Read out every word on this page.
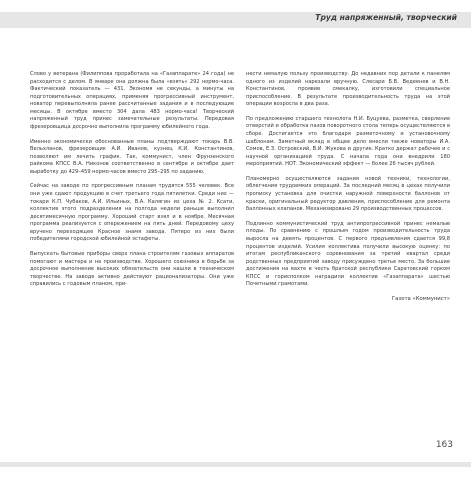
Труд напряженный, творческий

Слово у ветерана (Филиппова проработала на «Газаппарате» 24 года) не расходится с делом. В январе она должна была «взять» 292 нормо-часа. Фактический показатель — 431. Экономя не секунды, а минуты на подготовительных операциях, применяя прогрессивный инструмент, новатор перевыполняла ранее рассчитанные задания и в последующие месяцы. В октябре вместо 304 дала 483 нормо-часа! Творческий напряженный труд принес замечательные результаты. Передовая фрезеровщица досрочно выполнила программу юбилейного года.

Именно экономически обоснованные планы подтверждают токарь В.В. Вельхланов, фрезеровщик А.И. Иванов, кузнец К.И. Константинов, позволяют им лечить график. Так, коммунист, член Фрунзенского райкома КПСС В.А. Никонов соответственно в сентябре и октябре дает выработку до 429–459 нормо-часов вместо 295–295 по заданию.

Сейчас на заводе по прогрессивным планам трудятся 555 человек. Все они уже сдают продукцию в счет третьего года пятилетки. Среди них — токари К.П. Чубаков, А.И. Ильиных, В.А. Калягин из цеха № 2. Ксати, коллектив этого подразделения на полгода недели раньше выполнил десятимесячную программу. Хороший старт взял и в ноябре. Месячная программа реализуется с опережением на пять дней. Передовому цеху вручено переходящее Красное знамя завода. Пятеро из них были победителями городской юбилейной эстафеты.

Выпускать бытовые приборы сверх плана строителям газовых аппаратов помогают и мастера и на производстве. Хорошего союзника в борьбе за досрочное выполнение высоких обязательств они нашли в техническом творчестве. На заводе активно действуют рационализаторы. Они уже справились с годовым планом, при-

нести немалую пользу производству. До недавних пор детали к панелям одного из изделий нарезали вручную. Слесари Б.В. Ведеенев и В.Н. Константинов, проявив смекалку, изготовили специальное приспособление. В результате производительность труда на этой операции возросла в два раза.

По предложению старшего технолога Н.И. Буцуева, разметка, сверление отверстий и обработка пазов поворотного стола теперь осуществляются в сборе. Достигается это благодаря разметочному и установочному шаблонам. Заметный вклад в общее дело внесли также новаторы И.А. Сомов, Е.З. Островский, В.И. Жукова и другие. Кратко держат рабочее и с научной организацией труда. С начала года они внедрили 180 мероприятий. НОТ. Экономический эффект — более 26 тысяч рублей.

Планомерно осуществляются задания новой техники, технологии, облегчения трудоемких операций. За последний месяц в цехах получили прописку установка для очистки наружной поверхности баллонов от краски, оригинальный редуктор давления, приспособление для ремонта баллонных клапанов. Механизировано 29 производственных процессов.

Подлинно коммунистический труд антипрогрессивной принес немалые плоды. По сравнению с прошлым годом производительность труда выросла на девять процентов. С первого предъявления сдается 99,8 процентов изделий. Усилия коллектива получили высокую оценку: по итогам республиканского соревнования за третий квартал среди родственных предприятий заводу присуждено третье место. За большие достижения на вахте в честь братской республики Саратовский горком КПСС и горисполком наградили коллектив «Газаппарата» шестью Почетными грамотами.

Газета «Коммунист»
163
